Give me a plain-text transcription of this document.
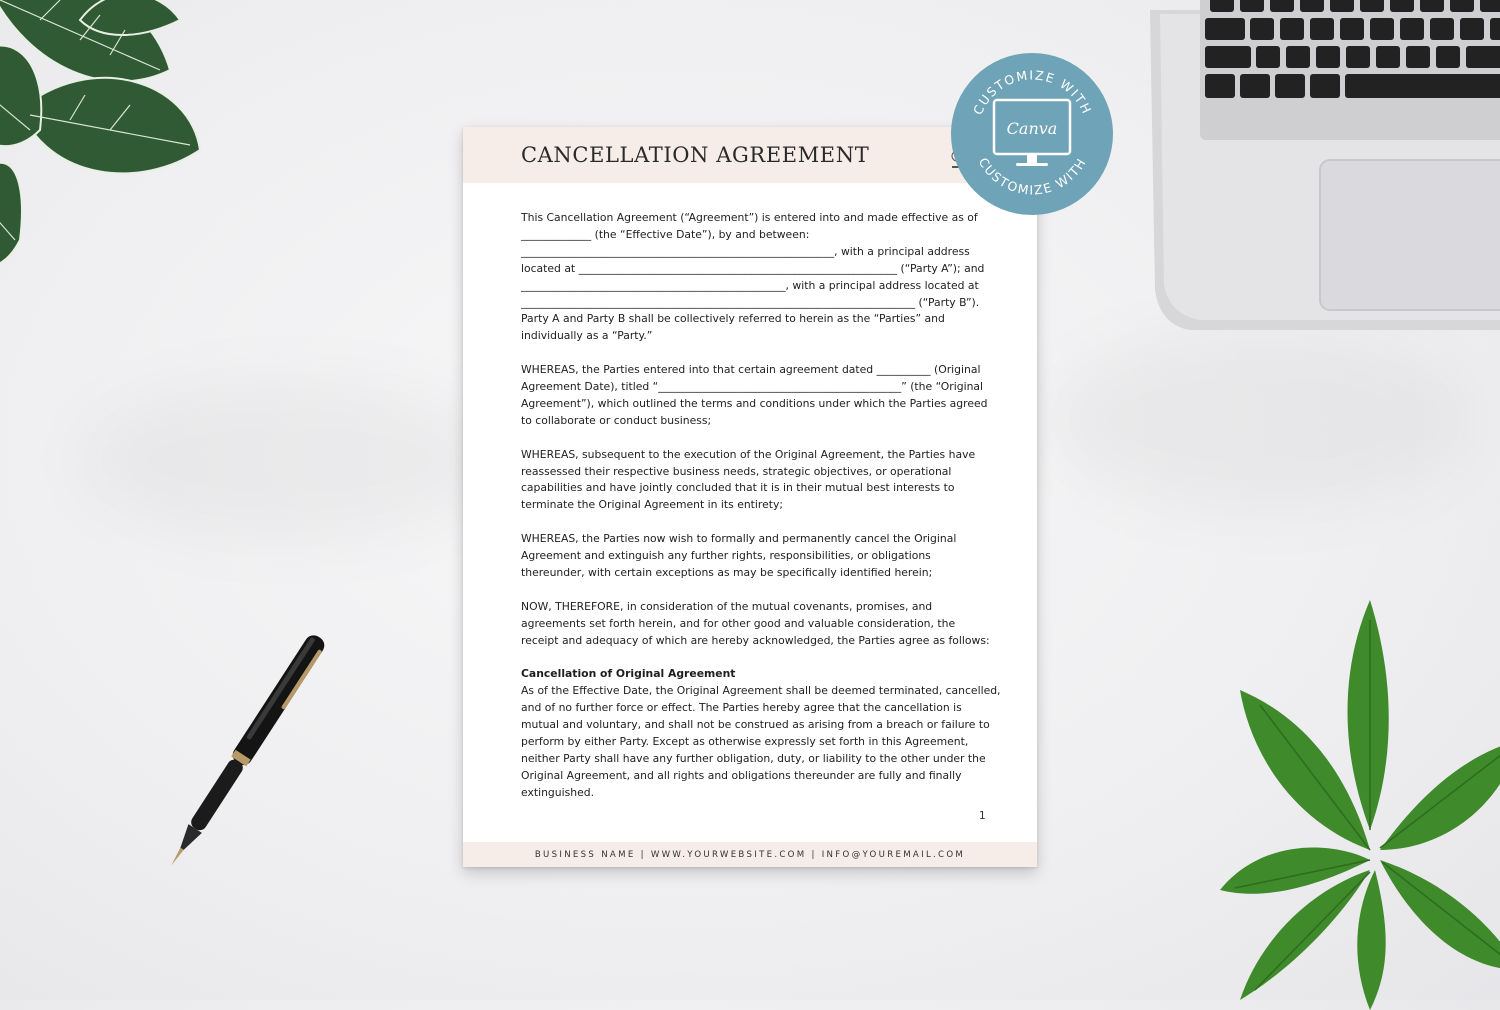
CANCELLATION AGREEMENT

This Cancellation Agreement (“Agreement”) is entered into and made effective as of
_____________ (the “Effective Date”), by and between:
__________________________________________________________, with a principal address
located at ___________________________________________________________ (“Party A”); and
_________________________________________________, with a principal address located at
_________________________________________________________________________ (“Party B”).
Party A and Party B shall be collectively referred to herein as the “Parties” and
individually as a “Party.”

WHEREAS, the Parties entered into that certain agreement dated __________ (Original
Agreement Date), titled “_____________________________________________” (the “Original
Agreement”), which outlined the terms and conditions under which the Parties agreed
to collaborate or conduct business;

WHEREAS, subsequent to the execution of the Original Agreement, the Parties have
reassessed their respective business needs, strategic objectives, or operational
capabilities and have jointly concluded that it is in their mutual best interests to
terminate the Original Agreement in its entirety;

WHEREAS, the Parties now wish to formally and permanently cancel the Original
Agreement and extinguish any further rights, responsibilities, or obligations
thereunder, with certain exceptions as may be specifically identified herein;

NOW, THEREFORE, in consideration of the mutual covenants, promises, and
agreements set forth herein, and for other good and valuable consideration, the
receipt and adequacy of which are hereby acknowledged, the Parties agree as follows:

Cancellation of Original Agreement
As of the Effective Date, the Original Agreement shall be deemed terminated, cancelled,
and of no further force or effect. The Parties hereby agree that the cancellation is
mutual and voluntary, and shall not be construed as arising from a breach or failure to
perform by either Party. Except as otherwise expressly set forth in this Agreement,
neither Party shall have any further obligation, duty, or liability to the other under the
Original Agreement, and all rights and obligations thereunder are fully and finally
extinguished.

1
BUSINESS NAME | WWW.YOURWEBSITE.COM | INFO@YOUREMAIL.COM
CUSTOMIZE WITH
CUSTOMIZE WITH
Canva
